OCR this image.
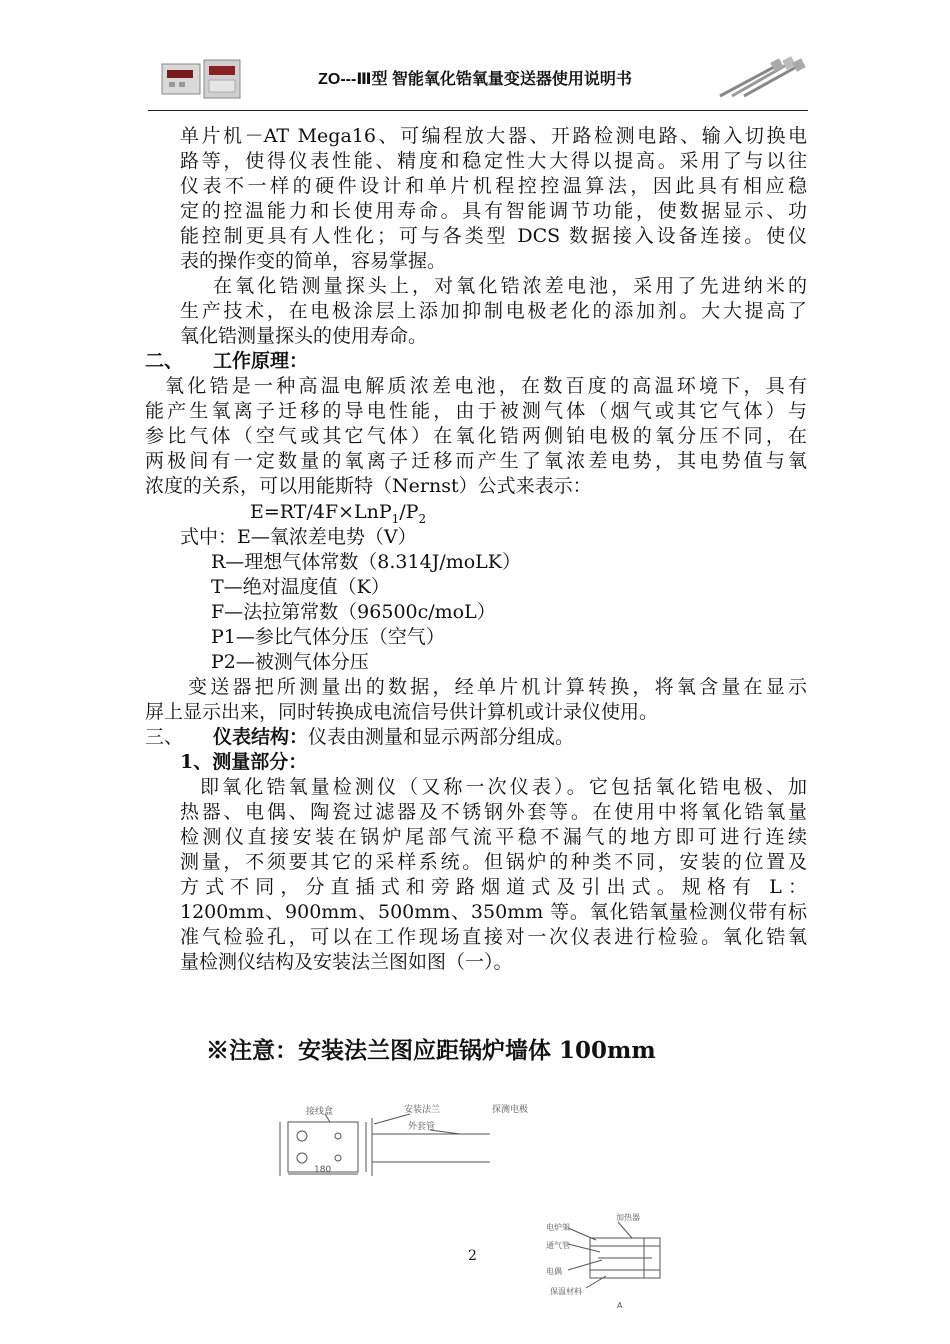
ZO---Ⅲ型 智能氧化锆氧量变送器使用说明书
单片机－AT Mega16、可编程放大器、开路检测电路、输入切换电
路等，使得仪表性能、精度和稳定性大大得以提高。采用了与以往
仪表不一样的硬件设计和单片机程控控温算法，因此具有相应稳
定的控温能力和长使用寿命。具有智能调节功能，使数据显示、功
能控制更具有人性化；可与各类型 DCS 数据接入设备连接。使仪
表的操作变的简单，容易掌握。
在氧化锆测量探头上，对氧化锆浓差电池，采用了先进纳米的
生产技术，在电极涂层上添加抑制电极老化的添加剂。大大提高了
氧化锆测量探头的使用寿命。
二、 工作原理：
氧化锆是一种高温电解质浓差电池，在数百度的高温环境下，具有
能产生氧离子迁移的导电性能，由于被测气体（烟气或其它气体）与
参比气体（空气或其它气体）在氧化锆两侧铂电极的氧分压不同，在
两极间有一定数量的氧离子迁移而产生了氧浓差电势，其电势值与氧
浓度的关系，可以用能斯特（Nernst）公式来表示：
$E=RT/4F\times LnP_1/P_2$
式中：E—氧浓差电势（V）
R—理想气体常数（8.314J/moLK）
T—绝对温度值（K）
F—法拉第常数（96500c/moL）
P1—参比气体分压（空气）
P2—被测气体分压
变送器把所测量出的数据，经单片机计算转换，将氧含量在显示
屏上显示出来，同时转换成电流信号供计算机或计录仪使用。
三、 仪表结构：仪表由测量和显示两部分组成。
1、测量部分：
即氧化锆氧量检测仪（又称一次仪表）。它包括氧化锆电极、加
热器、电偶、陶瓷过滤器及不锈钢外套等。在使用中将氧化锆氧量
检测仪直接安装在锅炉尾部气流平稳不漏气的地方即可进行连续
测量，不须要其它的采样系统。但锅炉的种类不同，安装的位置及
方式不同，分直插式和旁路烟道式及引出式。规格有 L：
1200mm、900mm、500mm、350mm 等。氧化锆氧量检测仪带有标
准气检验孔，可以在工作现场直接对一次仪表进行检验。氧化锆氧
量检测仪结构及安装法兰图如图（一）。
※注意：安装法兰图应距锅炉墙体 100mm
接线盒	安装法兰
外套管
探测电极
180
加热器
电炉架
通气管
电偶
保温材料
A
2
